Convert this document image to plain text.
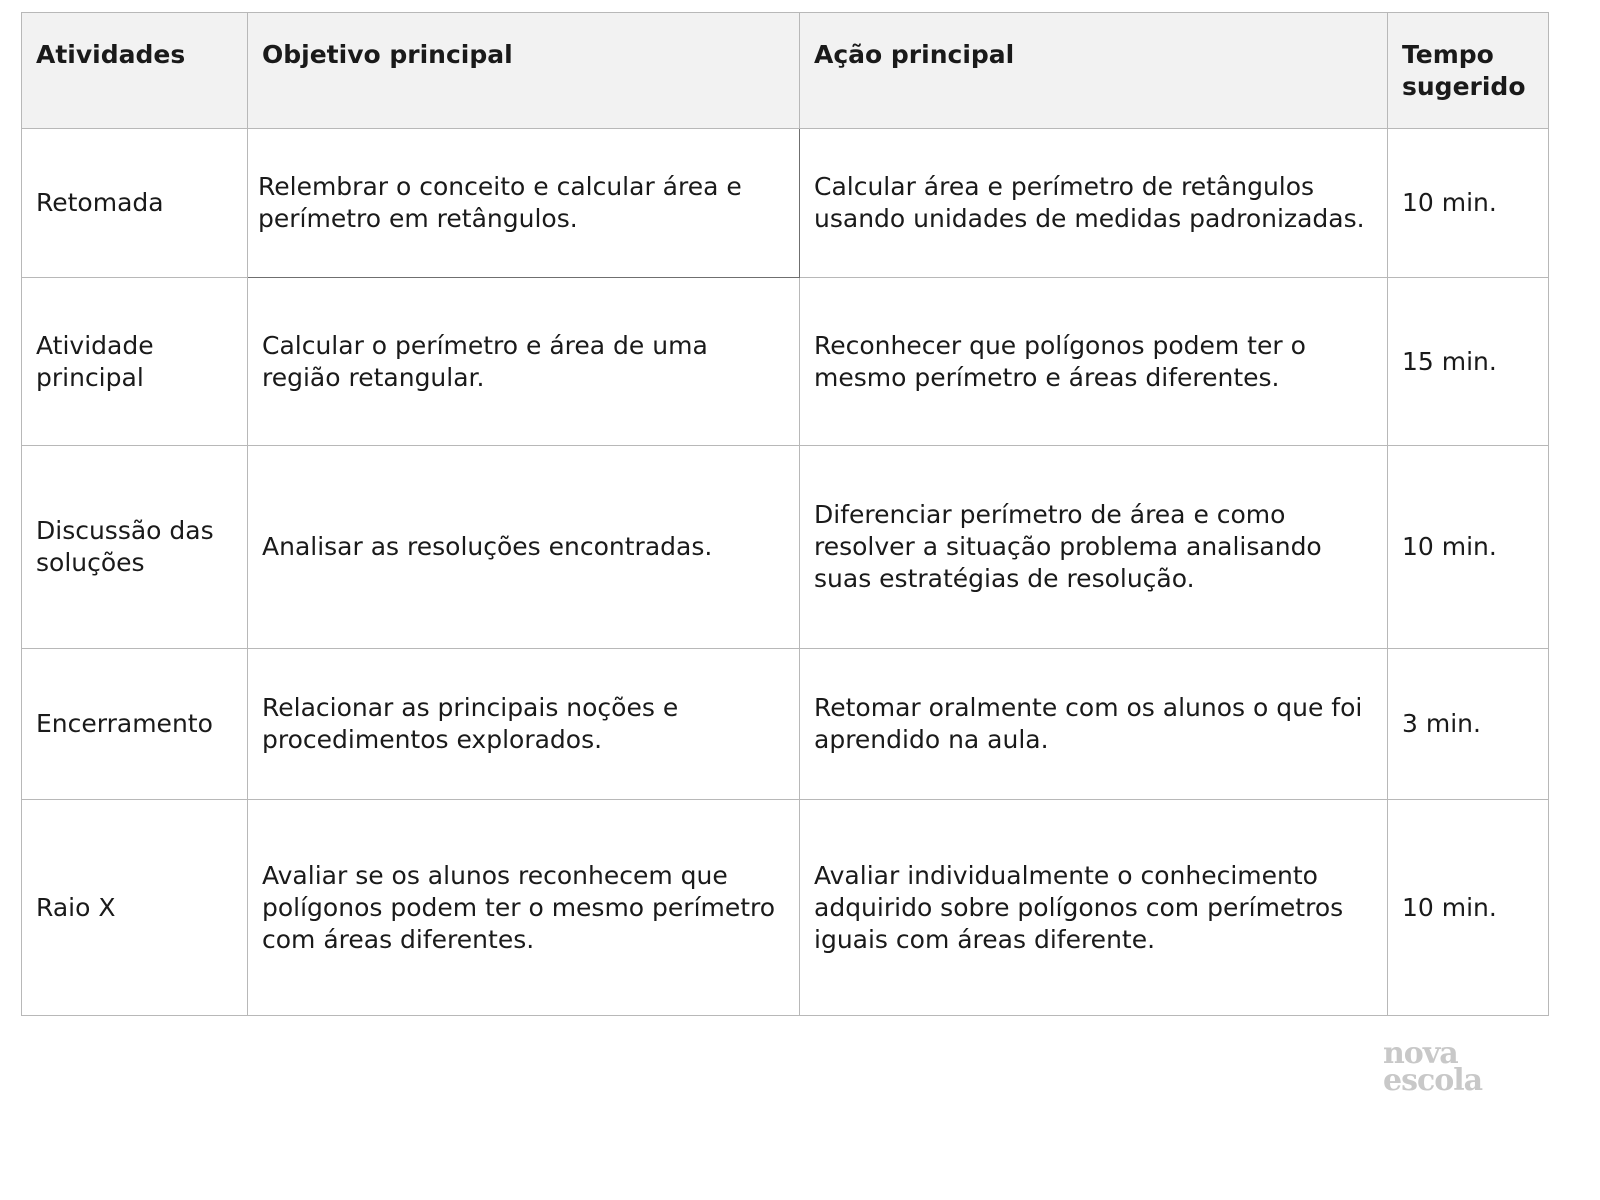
Atividades	Objetivo principal	Ação principal	Tempo sugerido
Retomada	Relembrar o conceito e calcular área e perímetro em retângulos.	Calcular área e perímetro de retângulos usando unidades de medidas padronizadas.	10 min.
Atividade principal	Calcular o perímetro e área de uma região retangular.	Reconhecer que polígonos podem ter o mesmo perímetro e áreas diferentes.	15 min.
Discussão das soluções	Analisar as resoluções encontradas.	Diferenciar perímetro de área e como resolver a situação problema analisando suas estratégias de resolução.	10 min.
Encerramento	Relacionar as principais noções e procedimentos explorados.	Retomar oralmente com os alunos o que foi aprendido na aula.	3 min.
Raio X	Avaliar se os alunos reconhecem que polígonos podem ter o mesmo perímetro com áreas diferentes.	Avaliar individualmente o conhecimento adquirido sobre polígonos com perímetros iguais com áreas diferente.	10 min.
nova
escola
